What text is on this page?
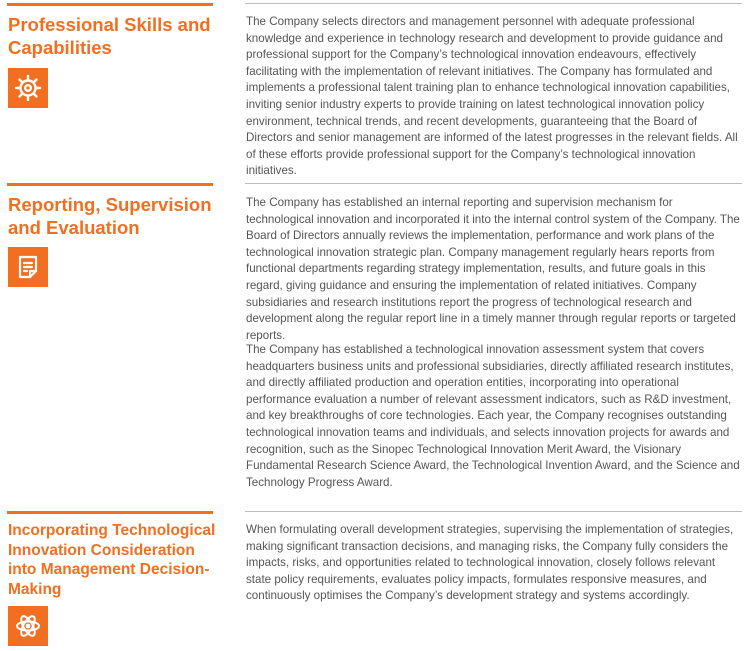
Professional Skills and Capabilities

The Company selects directors and management personnel with adequate professional knowledge and experience in technology research and development to provide guidance and professional support for the Company’s technological innovation endeavours, effectively facilitating with the implementation of relevant initiatives. The Company has formulated and implements a professional talent training plan to enhance technological innovation capabilities, inviting senior industry experts to provide training on latest technological innovation policy environment, technical trends, and recent developments, guaranteeing that the Board of Directors and senior management are informed of the latest progresses in the relevant fields. All of these efforts provide professional support for the Company’s technological innovation initiatives.

Reporting, Supervision and Evaluation

The Company has established an internal reporting and supervision mechanism for technological innovation and incorporated it into the internal control system of the Company. The Board of Directors annually reviews the implementation, performance and work plans of the technological innovation strategic plan. Company management regularly hears reports from functional departments regarding strategy implementation, results, and future goals in this regard, giving guidance and ensuring the implementation of related initiatives. Company subsidiaries and research institutions report the progress of technological research and development along the regular report line in a timely manner through regular reports or targeted reports.

The Company has established a technological innovation assessment system that covers headquarters business units and professional subsidiaries, directly affiliated research institutes, and directly affiliated production and operation entities, incorporating into operational performance evaluation a number of relevant assessment indicators, such as R&D investment, and key breakthroughs of core technologies. Each year, the Company recognises outstanding technological innovation teams and individuals, and selects innovation projects for awards and recognition, such as the Sinopec Technological Innovation Merit Award, the Visionary Fundamental Research Science Award, the Technological Invention Award, and the Science and Technology Progress Award.

Incorporating Technological Innovation Consideration into Management Decision-Making

When formulating overall development strategies, supervising the implementation of strategies, making significant transaction decisions, and managing risks, the Company fully considers the impacts, risks, and opportunities related to technological innovation, closely follows relevant state policy requirements, evaluates policy impacts, formulates responsive measures, and continuously optimises the Company’s development strategy and systems accordingly.
